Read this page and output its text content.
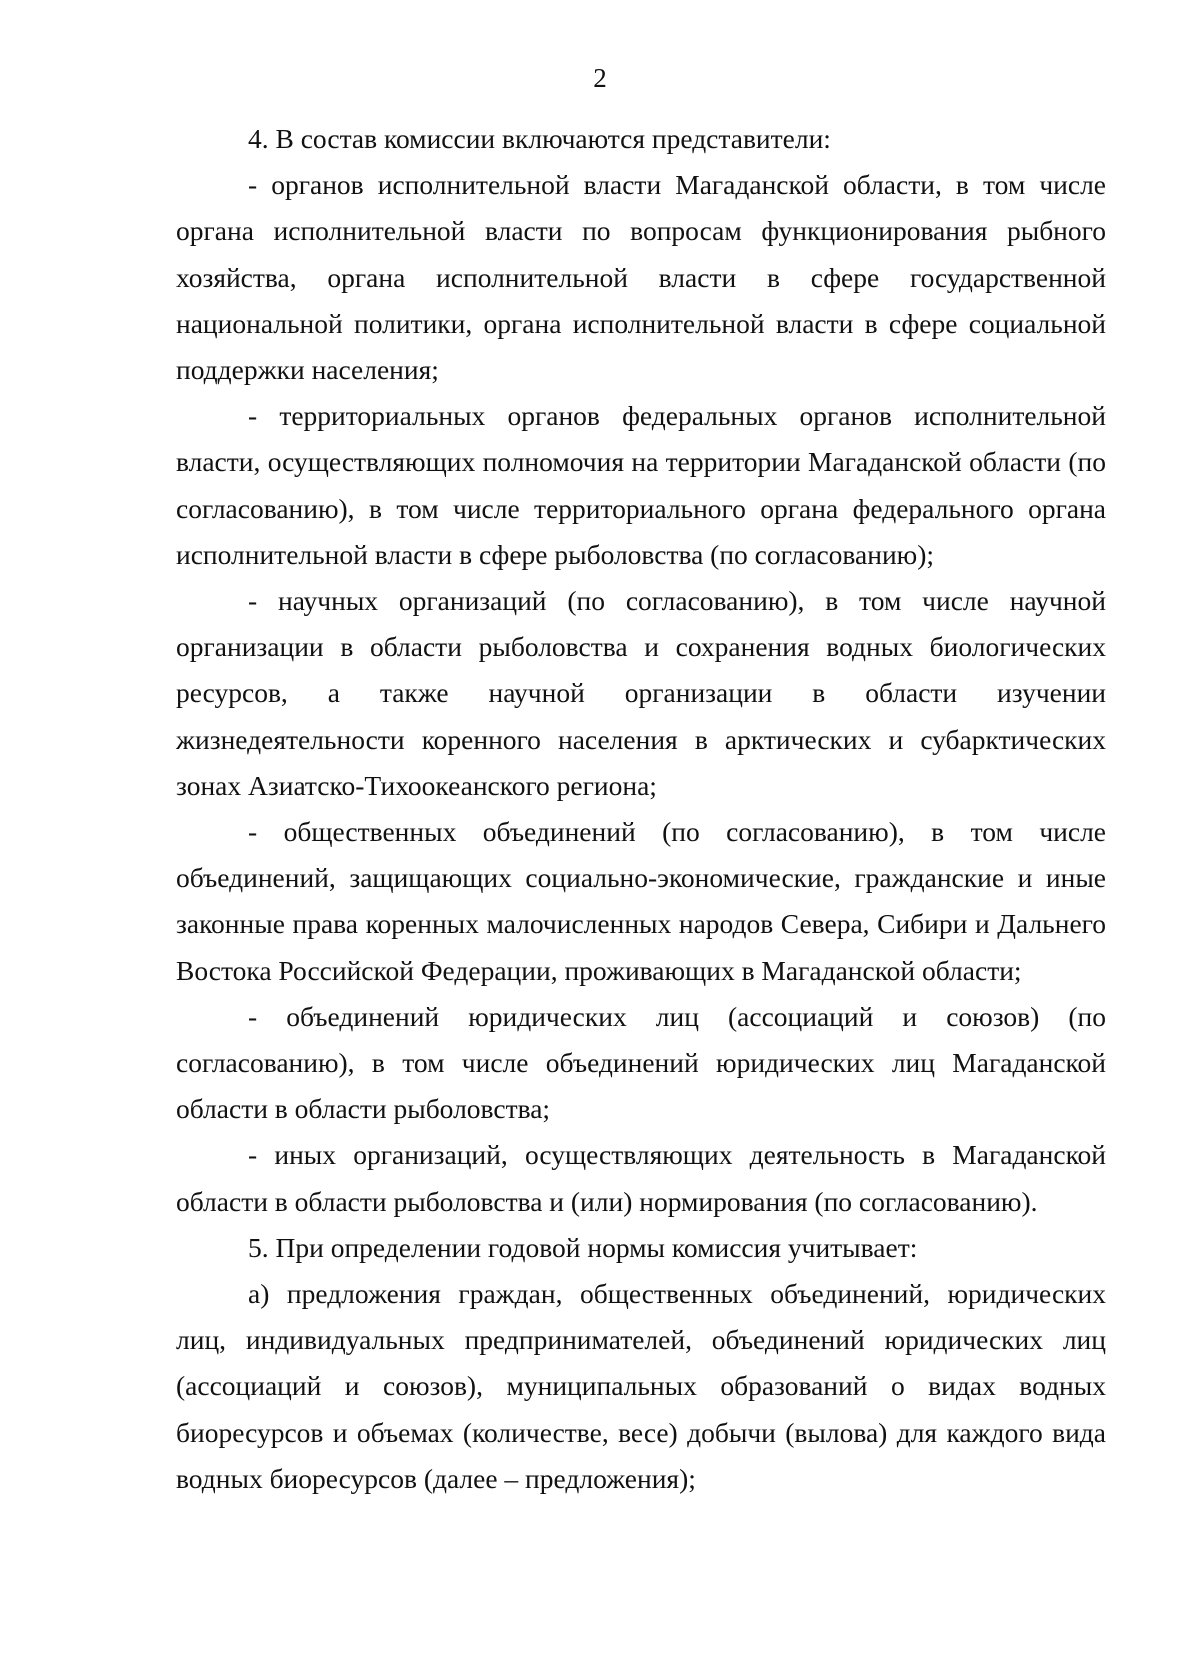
2

4. В состав комиссии включаются представители:

- органов исполнительной власти Магаданской области, в том числе органа исполнительной власти по вопросам функционирования рыбного хозяйства, органа исполнительной власти в сфере государственной национальной политики, органа исполнительной власти в сфере социальной поддержки населения;

- территориальных органов федеральных органов исполнительной власти, осуществляющих полномочия на территории Магаданской области (по согласованию), в том числе территориального органа федерального органа исполнительной власти в сфере рыболовства (по согласованию);

- научных организаций (по согласованию), в том числе научной организации в области рыболовства и сохранения водных биологических ресурсов, а также научной организации в области изучении жизнедеятельности коренного населения в арктических и субарктических зонах Азиатско-Тихоокеанского региона;

- общественных объединений (по согласованию), в том числе объединений, защищающих социально-экономические, гражданские и иные законные права коренных малочисленных народов Севера, Сибири и Дальнего Востока Российской Федерации, проживающих в Магаданской области;

- объединений юридических лиц (ассоциаций и союзов) (по согласованию), в том числе объединений юридических лиц Магаданской области в области рыболовства;

- иных организаций, осуществляющих деятельность в Магаданской области в области рыболовства и (или) нормирования (по согласованию).

5. При определении годовой нормы комиссия учитывает:

а) предложения граждан, общественных объединений, юридических лиц, индивидуальных предпринимателей, объединений юридических лиц (ассоциаций и союзов), муниципальных образований о видах водных биоресурсов и объемах (количестве, весе) добычи (вылова) для каждого вида водных биоресурсов (далее – предложения);
